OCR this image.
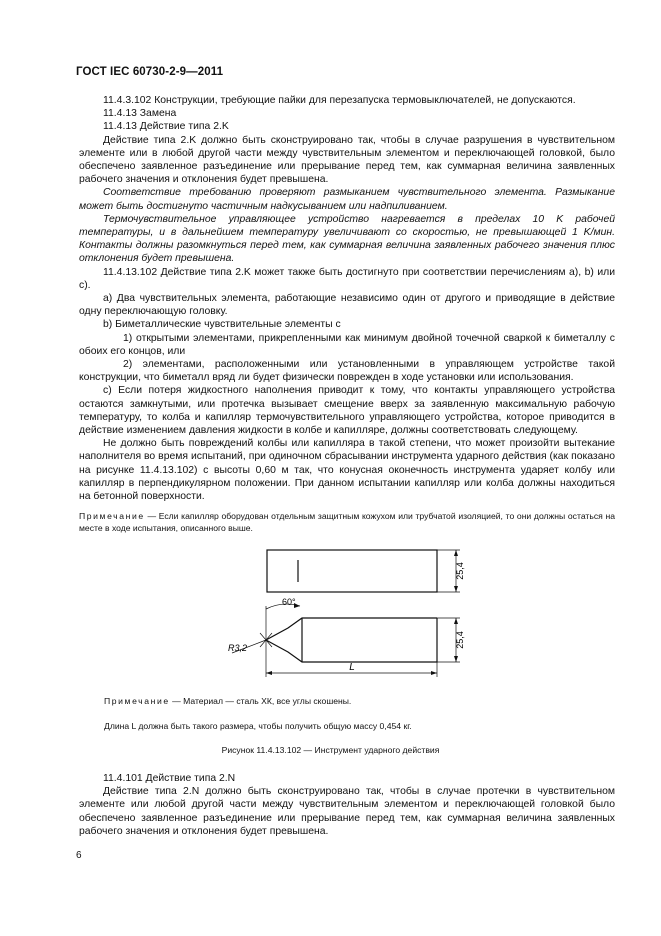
ГОСТ IEC 60730-2-9—2011

11.4.3.102 Конструкции, требующие пайки для перезапуска термовыключателей, не допускаются.

11.4.13 Замена

11.4.13 Действие типа 2.K

Действие типа 2.K должно быть сконструировано так, чтобы в случае разрушения в чувствительном элементе или в любой другой части между чувствительным элементом и переключающей головкой, было обеспечено заявленное разъединение или прерывание перед тем, как суммарная величина заявленных рабочего значения и отклонения будет превышена.

Соответствие требованию проверяют размыканием чувствительного элемента. Размыкание может быть достигнуто частичным надкусыванием или надпиливанием.

Термочувствительное управляющее устройство нагревается в пределах 10 K рабочей температуры, и в дальнейшем температуру увеличивают со скоростью, не превышающей 1 K/мин. Контакты должны разомкнуться перед тем, как суммарная величина заявленных рабочего значения плюс отклонения будет превышена.

11.4.13.102 Действие типа 2.K может также быть достигнуто при соответствии перечислениям a), b) или c).

a) Два чувствительных элемента, работающие независимо один от другого и приводящие в действие одну переключающую головку.

b) Биметаллические чувствительные элементы с

1) открытыми элементами, прикрепленными как минимум двойной точечной сваркой к биметаллу с обоих его концов, или

2) элементами, расположенными или установленными в управляющем устройстве такой конструкции, что биметалл вряд ли будет физически поврежден в ходе установки или использования.

c) Если потеря жидкостного наполнения приводит к тому, что контакты управляющего устройства остаются замкнутыми, или протечка вызывает смещение вверх за заявленную максимальную рабочую температуру, то колба и капилляр термочувствительного управляющего устройства, которое приводится в действие изменением давления жидкости в колбе и капилляре, должны соответствовать следующему.

Не должно быть повреждений колбы или капилляра в такой степени, что может произойти вытекание наполнителя во время испытаний, при одиночном сбрасывании инструмента ударного действия (как показано на рисунке 11.4.13.102) с высоты 0,60 м так, что конусная оконечность инструмента ударяет колбу или капилляр в перпендикулярном положении. При данном испытании капилляр или колба должны находиться на бетонной поверхности.

Примечание — Если капилляр оборудован отдельным защитным кожухом или трубчатой изоляцией, то они должны остаться на месте в ходе испытания, описанного выше.
25,4
60°
R3,2	25,4
L
Примечание — Материал — сталь ХК, все углы скошены.
Длина L должна быть такого размера, чтобы получить общую массу 0,454 кг.
Рисунок 11.4.13.102 — Инструмент ударного действия

11.4.101 Действие типа 2.N

Действие типа 2.N должно быть сконструировано так, чтобы в случае протечки в чувствительном элементе или любой другой части между чувствительным элементом и переключающей головкой было обеспечено заявленное разъединение или прерывание перед тем, как суммарная величина заявленных рабочего значения и отклонения будет превышена.

6
